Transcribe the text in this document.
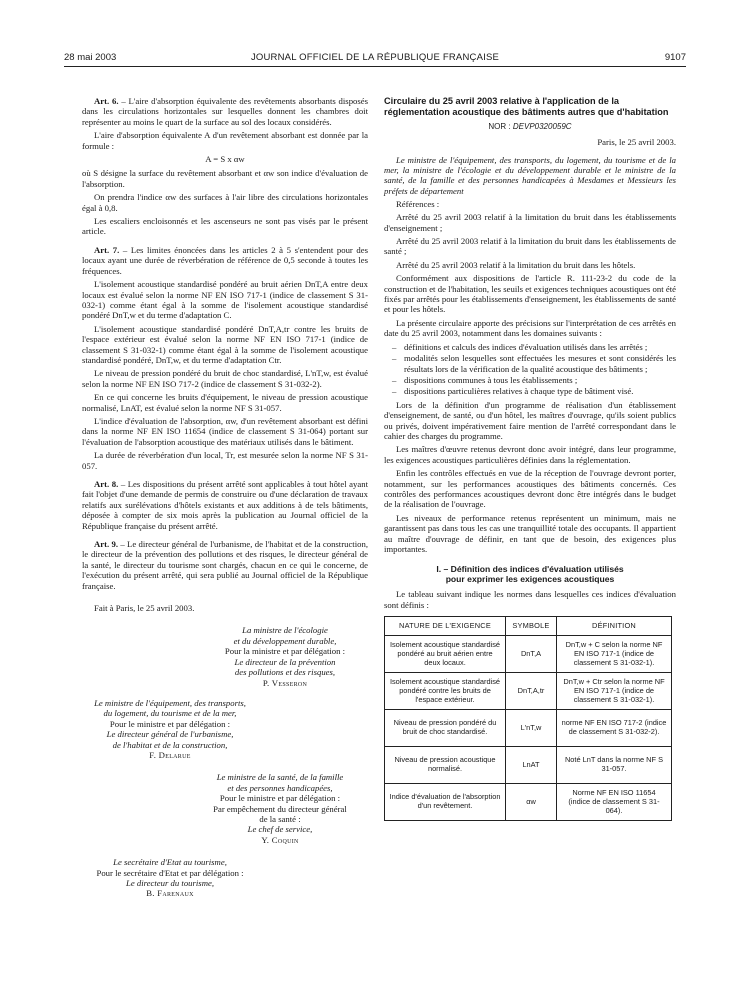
28 mai 2003	JOURNAL OFFICIEL DE LA RÉPUBLIQUE FRANÇAISE	9107

Art. 6. – L'aire d'absorption équivalente des revêtements absorbants disposés dans les circulations horizontales sur lesquelles donnent les chambres doit représenter au moins le quart de la surface au sol des locaux considérés.

L'aire d'absorption équivalente A d'un revêtement absorbant est donnée par la formule :

A = S x αw

où S désigne la surface du revêtement absorbant et αw son indice d'évaluation de l'absorption.

On prendra l'indice αw des surfaces à l'air libre des circulations horizontales égal à 0,8.

Les escaliers encloisonnés et les ascenseurs ne sont pas visés par le présent article.

Art. 7. – Les limites énoncées dans les articles 2 à 5 s'entendent pour des locaux ayant une durée de réverbération de référence de 0,5 seconde à toutes les fréquences.

L'isolement acoustique standardisé pondéré au bruit aérien DnT,A entre deux locaux est évalué selon la norme NF EN ISO 717-1 (indice de classement S 31-032-1) comme étant égal à la somme de l'isolement acoustique standardisé pondéré DnT,w et du terme d'adaptation C.

L'isolement acoustique standardisé pondéré DnT,A,tr contre les bruits de l'espace extérieur est évalué selon la norme NF EN ISO 717-1 (indice de classement S 31-032-1) comme étant égal à la somme de l'isolement acoustique standardisé pondéré, DnT,w, et du terme d'adaptation Ctr.

Le niveau de pression pondéré du bruit de choc standardisé, L'nT,w, est évalué selon la norme NF EN ISO 717-2 (indice de classement S 31-032-2).

En ce qui concerne les bruits d'équipement, le niveau de pression acoustique normalisé, LnAT, est évalué selon la norme NF S 31-057.

L'indice d'évaluation de l'absorption, αw, d'un revêtement absorbant est défini dans la norme NF EN ISO 11654 (indice de classement S 31-064) portant sur l'évaluation de l'absorption acoustique des matériaux utilisés dans le bâtiment.

La durée de réverbération d'un local, Tr, est mesurée selon la norme NF S 31-057.

Art. 8. – Les dispositions du présent arrêté sont applicables à tout hôtel ayant fait l'objet d'une demande de permis de construire ou d'une déclaration de travaux relatifs aux surélévations d'hôtels existants et aux additions à de tels bâtiments, déposée à compter de six mois après la publication au Journal officiel de la République française du présent arrêté.

Art. 9. – Le directeur général de l'urbanisme, de l'habitat et de la construction, le directeur de la prévention des pollutions et des risques, le directeur général de la santé, le directeur du tourisme sont chargés, chacun en ce qui le concerne, de l'exécution du présent arrêté, qui sera publié au Journal officiel de la République française.

Fait à Paris, le 25 avril 2003.
La ministre de l'écologie
et du développement durable,
Pour la ministre et par délégation :
Le directeur de la prévention
des pollutions et des risques,
P. Vesseron
Le ministre de l'équipement, des transports,
du logement, du tourisme et de la mer,
Pour le ministre et par délégation :
Le directeur général de l'urbanisme,
de l'habitat et de la construction,
F. Delarue
Le ministre de la santé, de la famille
et des personnes handicapées,
Pour le ministre et par délégation :
Par empêchement du directeur général
de la santé :
Le chef de service,
Y. Coquin
Le secrétaire d'Etat au tourisme,
Pour le secrétaire d'Etat et par délégation :
Le directeur du tourisme,
B. Farenaux
Circulaire du 25 avril 2003 relative à l'application de la réglementation acoustique des bâtiments autres que d'habitation
NOR : DEVP0320059C
Paris, le 25 avril 2003.

Le ministre de l'équipement, des transports, du logement, du tourisme et de la mer, la ministre de l'écologie et du développement durable et le ministre de la santé, de la famille et des personnes handicapées à Mesdames et Messieurs les préfets de département

Références :

Arrêté du 25 avril 2003 relatif à la limitation du bruit dans les établissements d'enseignement ;

Arrêté du 25 avril 2003 relatif à la limitation du bruit dans les établissements de santé ;

Arrêté du 25 avril 2003 relatif à la limitation du bruit dans les hôtels.

Conformément aux dispositions de l'article R. 111-23-2 du code de la construction et de l'habitation, les seuils et exigences techniques acoustiques ont été fixés par arrêtés pour les établissements d'enseignement, les établissements de santé et pour les hôtels.

La présente circulaire apporte des précisions sur l'interprétation de ces arrêtés en date du 25 avril 2003, notamment dans les domaines suivants :

– définitions et calculs des indices d'évaluation utilisés dans les arrêtés ;
– modalités selon lesquelles sont effectuées les mesures et sont considérés les résultats lors de la vérification de la qualité acoustique des bâtiments ;
– dispositions communes à tous les établissements ;
– dispositions particulières relatives à chaque type de bâtiment visé.

Lors de la définition d'un programme de réalisation d'un établissement d'enseignement, de santé, ou d'un hôtel, les maîtres d'ouvrage, qu'ils soient publics ou privés, doivent impérativement faire mention de l'arrêté correspondant dans le cahier des charges du programme.

Les maîtres d'œuvre retenus devront donc avoir intégré, dans leur programme, les exigences acoustiques particulières définies dans la réglementation.

Enfin les contrôles effectués en vue de la réception de l'ouvrage devront porter, notamment, sur les performances acoustiques des bâtiments concernés. Ces contrôles des performances acoustiques devront donc être intégrés dans le budget de la réalisation de l'ouvrage.

Les niveaux de performance retenus représentent un minimum, mais ne garantissent pas dans tous les cas une tranquillité totale des occupants. Il appartient au maître d'ouvrage de définir, en tant que de besoin, des exigences plus importantes.

I. – Définition des indices d'évaluation utilisés
pour exprimer les exigences acoustiques

Le tableau suivant indique les normes dans lesquelles ces indices d'évaluation sont définis :

NATURE DE L'EXIGENCE	SYMBOLE	DÉFINITION
Isolement acoustique standardisé pondéré au bruit aérien entre deux locaux.	DnT,A	DnT,w + C selon la norme NF EN ISO 717-1 (indice de classement S 31-032-1).
Isolement acoustique standardisé pondéré contre les bruits de l'espace extérieur.	DnT,A,tr	DnT,w + Ctr selon la norme NF EN ISO 717-1 (indice de classement S 31-032-1).
Niveau de pression pondéré du bruit de choc standardisé.	L'nT,w	norme NF EN ISO 717-2 (indice de classement S 31-032-2).
Niveau de pression acoustique normalisé.	LnAT	Noté LnT dans la norme NF S 31-057.
Indice d'évaluation de l'absorption d'un revêtement.	αw	Norme NF EN ISO 11654 (indice de classement S 31-064).
